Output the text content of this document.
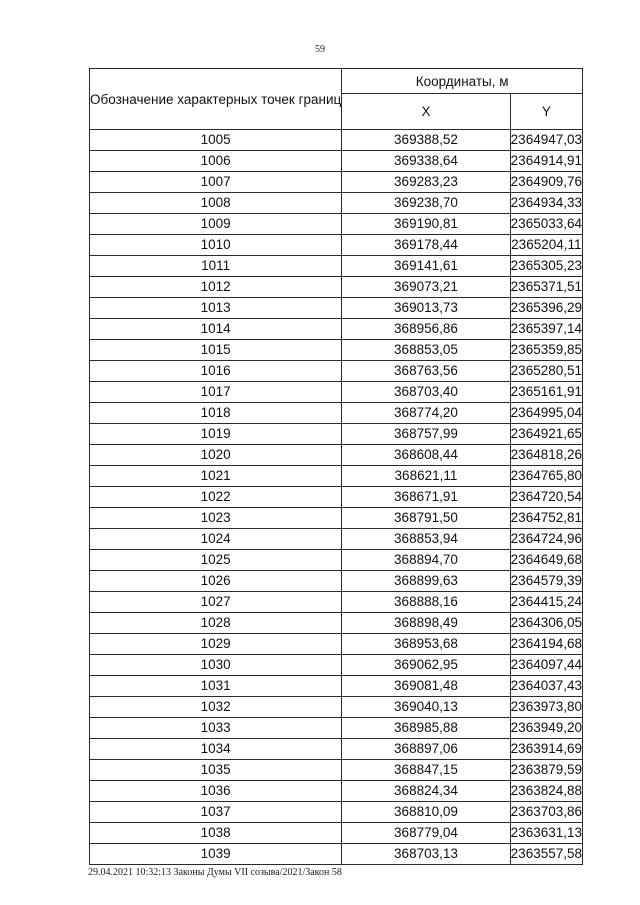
59
Обозначение характерных точек границ	Координаты, м	
	X	Y
1005	369388,52	2364947,03
1006	369338,64	2364914,91
1007	369283,23	2364909,76
1008	369238,70	2364934,33
1009	369190,81	2365033,64
1010	369178,44	2365204,11
1011	369141,61	2365305,23
1012	369073,21	2365371,51
1013	369013,73	2365396,29
1014	368956,86	2365397,14
1015	368853,05	2365359,85
1016	368763,56	2365280,51
1017	368703,40	2365161,91
1018	368774,20	2364995,04
1019	368757,99	2364921,65
1020	368608,44	2364818,26
1021	368621,11	2364765,80
1022	368671,91	2364720,54
1023	368791,50	2364752,81
1024	368853,94	2364724,96
1025	368894,70	2364649,68
1026	368899,63	2364579,39
1027	368888,16	2364415,24
1028	368898,49	2364306,05
1029	368953,68	2364194,68
1030	369062,95	2364097,44
1031	369081,48	2364037,43
1032	369040,13	2363973,80
1033	368985,88	2363949,20
1034	368897,06	2363914,69
1035	368847,15	2363879,59
1036	368824,34	2363824,88
1037	368810,09	2363703,86
1038	368779,04	2363631,13
1039	368703,13	2363557,58
29.04.2021 10:32:13 Законы Думы VII созыва/2021/Закон 58
